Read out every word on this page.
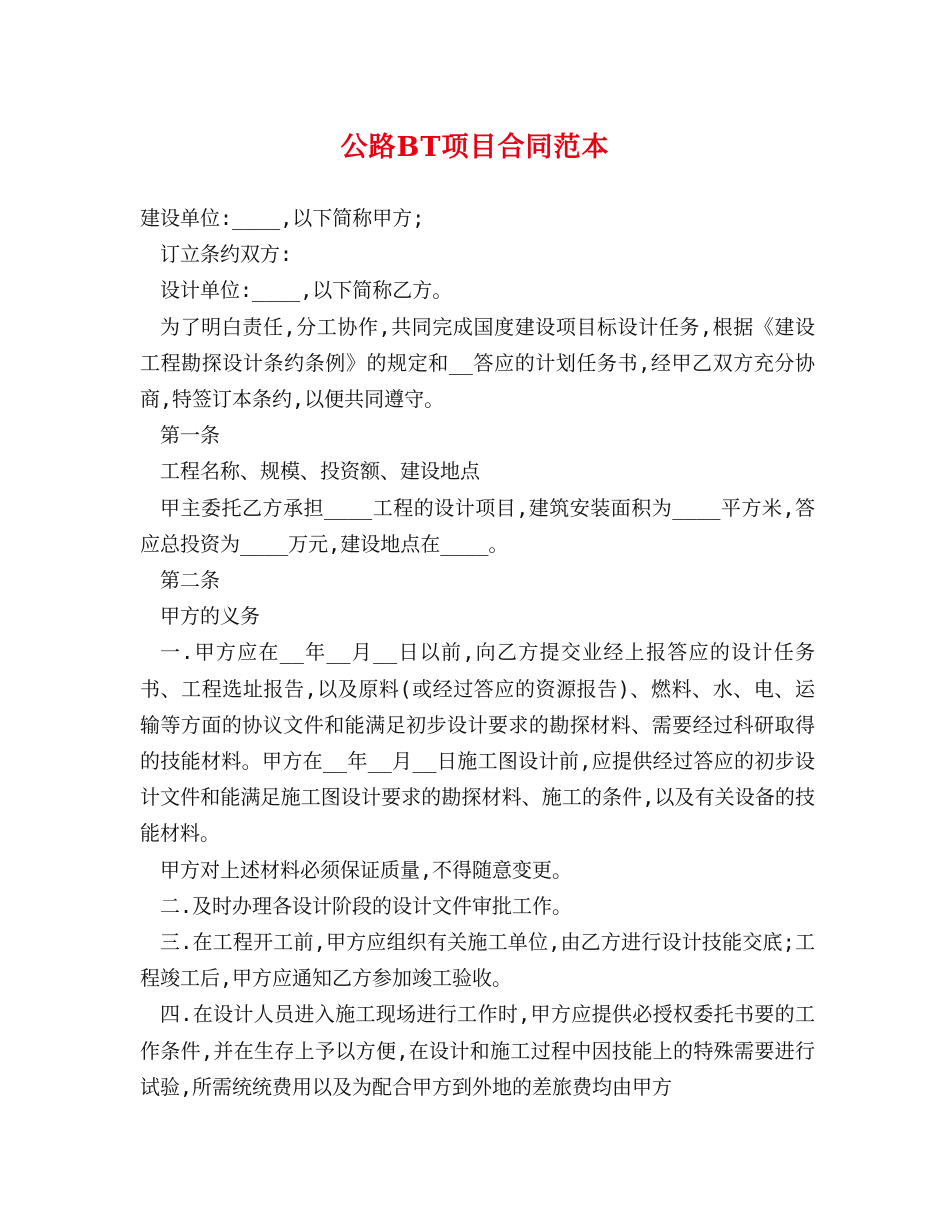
公路BT项目合同范本

建设单位:____,以下简称甲方;

订立条约双方:

设计单位:____,以下简称乙方。

为了明白责任,分工协作,共同完成国度建设项目标设计任务,根据《建设工程勘探设计条约条例》的规定和__答应的计划任务书,经甲乙双方充分协商,特签订本条约,以便共同遵守。

第一条

工程名称、规模、投资额、建设地点

甲主委托乙方承担____工程的设计项目,建筑安装面积为____平方米,答应总投资为____万元,建设地点在____。

第二条

甲方的义务

一.甲方应在__年__月__日以前,向乙方提交业经上报答应的设计任务书、工程选址报告,以及原料(或经过答应的资源报告)、燃料、水、电、运输等方面的协议文件和能满足初步设计要求的勘探材料、需要经过科研取得的技能材料。甲方在__年__月__日施工图设计前,应提供经过答应的初步设计文件和能满足施工图设计要求的勘探材料、施工的条件,以及有关设备的技能材料。

甲方对上述材料必须保证质量,不得随意变更。

二.及时办理各设计阶段的设计文件审批工作。

三.在工程开工前,甲方应组织有关施工单位,由乙方进行设计技能交底;工程竣工后,甲方应通知乙方参加竣工验收。

四.在设计人员进入施工现场进行工作时,甲方应提供必授权委托书要的工作条件,并在生存上予以方便,在设计和施工过程中因技能上的特殊需要进行试验,所需统统费用以及为配合甲方到外地的差旅费均由甲方
